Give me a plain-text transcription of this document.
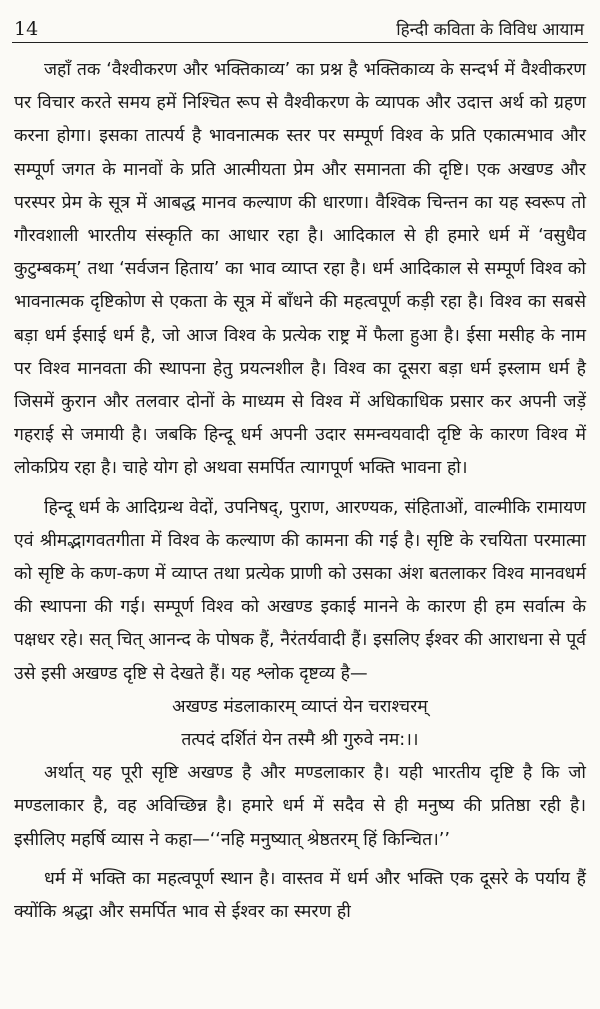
14	हिन्दी कविता के विविध आयाम

जहाँ तक ‘वैश्वीकरण और भक्तिकाव्य’ का प्रश्न है भक्तिकाव्य के सन्दर्भ में वैश्वीकरण पर विचार करते समय हमें निश्चित रूप से वैश्वीकरण के व्यापक और उदात्त अर्थ को ग्रहण करना होगा। इसका तात्पर्य है भावनात्मक स्तर पर सम्पूर्ण विश्व के प्रति एकात्मभाव और सम्पूर्ण जगत के मानवों के प्रति आत्मीयता प्रेम और समानता की दृष्टि। एक अखण्ड और परस्पर प्रेम के सूत्र में आबद्ध मानव कल्याण की धारणा। वैश्विक चिन्तन का यह स्वरूप तो गौरवशाली भारतीय संस्कृति का आधार रहा है। आदिकाल से ही हमारे धर्म में ‘वसुधैव कुटुम्बकम्’ तथा ‘सर्वजन हिताय’ का भाव व्याप्त रहा है। धर्म आदिकाल से सम्पूर्ण विश्व को भावनात्मक दृष्टिकोण से एकता के सूत्र में बाँधने की महत्वपूर्ण कड़ी रहा है। विश्व का सबसे बड़ा धर्म ईसाई धर्म है, जो आज विश्व के प्रत्येक राष्ट्र में फैला हुआ है। ईसा मसीह के नाम पर विश्व मानवता की स्थापना हेतु प्रयत्नशील है। विश्व का दूसरा बड़ा धर्म इस्लाम धर्म है जिसमें कुरान और तलवार दोनों के माध्यम से विश्व में अधिकाधिक प्रसार कर अपनी जड़ें गहराई से जमायी है। जबकि हिन्दू धर्म अपनी उदार समन्वयवादी दृष्टि के कारण विश्व में लोकप्रिय रहा है। चाहे योग हो अथवा समर्पित त्यागपूर्ण भक्ति भावना हो।

हिन्दू धर्म के आदिग्रन्थ वेदों, उपनिषद्, पुराण, आरण्यक, संहिताओं, वाल्मीकि रामायण एवं श्रीमद्भागवतगीता में विश्व के कल्याण की कामना की गई है। सृष्टि के रचयिता परमात्मा को सृष्टि के कण-कण में व्याप्त तथा प्रत्येक प्राणी को उसका अंश बतलाकर विश्व मानवधर्म की स्थापना की गई। सम्पूर्ण विश्व को अखण्ड इकाई मानने के कारण ही हम सर्वात्म के पक्षधर रहे। सत् चित् आनन्द के पोषक हैं, नैरंतर्यवादी हैं। इसलिए ईश्वर की आराधना से पूर्व उसे इसी अखण्ड दृष्टि से देखते हैं। यह श्लोक दृष्टव्य है—

अखण्ड मंडलाकारम् व्याप्तं येन चराश्चरम्

तत्पदं दर्शितं येन तस्मै श्री गुरुवे नम:।।

अर्थात् यह पूरी सृष्टि अखण्ड है और मण्डलाकार है। यही भारतीय दृष्टि है कि जो मण्डलाकार है, वह अविच्छिन्न है। हमारे धर्म में सदैव से ही मनुष्य की प्रतिष्ठा रही है। इसीलिए महर्षि व्यास ने कहा—‘‘नहि मनुष्यात् श्रेष्ठतरम् हिं किन्चित।’’

धर्म में भक्ति का महत्वपूर्ण स्थान है। वास्तव में धर्म और भक्ति एक दूसरे के पर्याय हैं क्योंकि श्रद्धा और समर्पित भाव से ईश्वर का स्मरण ही
